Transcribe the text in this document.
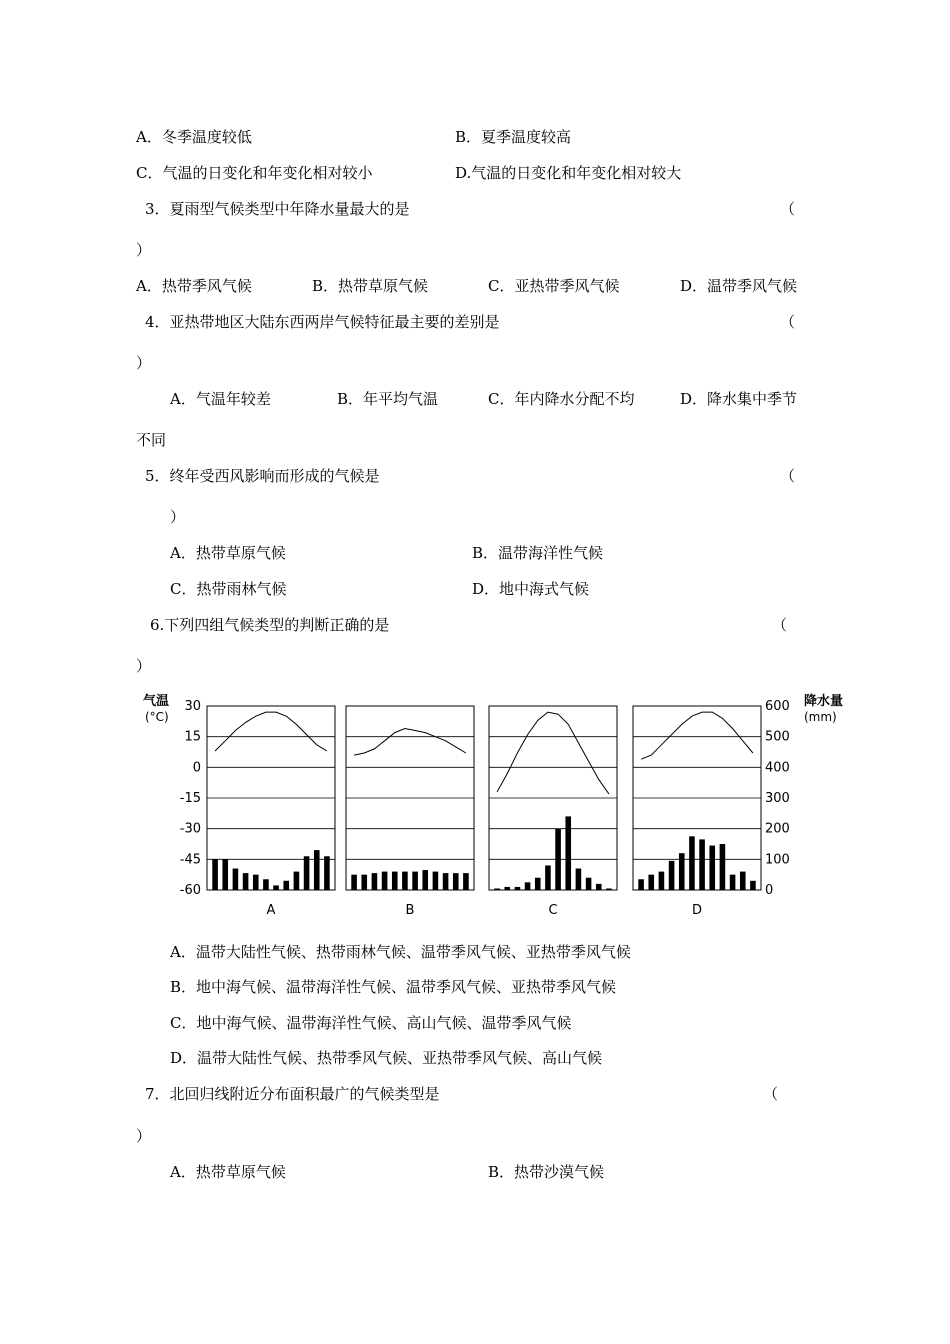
A．冬季温度较低	B．夏季温度较高
C．气温的日变化和年变化相对较小	D.气温的日变化和年变化相对较大
3．夏雨型气候类型中年降水量最大的是	（
）
A．热带季风气候	B．热带草原气候	C．亚热带季风气候	D．温带季风气候
4．亚热带地区大陆东西两岸气候特征最主要的差别是	（
）
A．气温年较差	B．年平均气温	C．年内降水分配不均	D．降水集中季节
不同
5．终年受西风影响而形成的气候是	（
）
A．热带草原气候	B．温带海洋性气候
C．热带雨林气候	D．地中海式气候
6.下列四组气候类型的判断正确的是	（
）
气温
(°C)
降水量
(mm)
30
15
0
-15
-30
-45
-60
600
500
400
300
200
100
0
A	B	C	D
A．温带大陆性气候、热带雨林气候、温带季风气候、亚热带季风气候
B．地中海气候、温带海洋性气候、温带季风气候、亚热带季风气候
C．地中海气候、温带海洋性气候、高山气候、温带季风气候
D．温带大陆性气候、热带季风气候、亚热带季风气候、高山气候
7．北回归线附近分布面积最广的气候类型是	（
）
A．热带草原气候	B．热带沙漠气候
